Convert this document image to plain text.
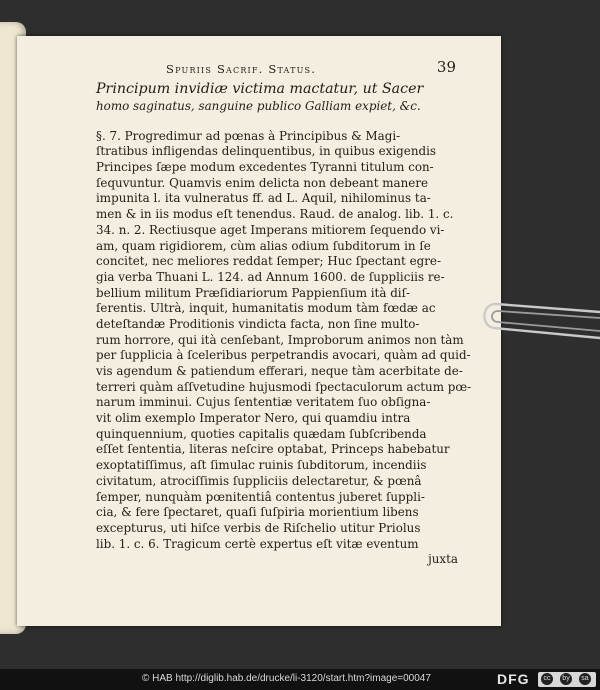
Spuriis Sacrif. Status.	39
Principum invidiæ victima mactatur, ut Sacer
homo saginatus, sanguine publico Galliam expiet, &c.
§. 7. Progredimur ad pœnas à Principibus & Magi-
ſtratibus infligendas delinquentibus, in quibus exigendis
Principes ſæpe modum excedentes Tyranni titulum con-
ſequvuntur. Quamvis enim delicta non debeant manere
impunita l. ita vulneratus ff. ad L. Aquil, nihilominus ta-
men & in iis modus eſt tenendus. Raud. de analog. lib. 1. c.
34. n. 2. Rectiusque aget Imperans mitiorem ſequendo vi-
am, quam rigidiorem, cùm alias odium ſubditorum in ſe
concitet, nec meliores reddat ſemper; Huc ſpectant egre-
gia verba Thuani L. 124. ad Annum 1600. de ſuppliciis re-
bellium militum Præſidiariorum Pappienſium ità diſ-
ſerentis. Ultrà, inquit, humanitatis modum tàm fœdæ ac
deteſtandæ Proditionis vindicta facta, non ſine multo-
rum horrore, qui ità cenſebant, Improborum animos non tàm
per ſupplicia à ſceleribus perpetrandis avocari, quàm ad quid-
vis agendum & patiendum efferari, neque tàm acerbitate de-
terreri quàm aſſvetudine hujusmodi ſpectaculorum actum pœ-
narum imminui. Cujus ſententiæ veritatem ſuo obſigna-
vit olim exemplo Imperator Nero, qui quamdiu intra
quinquennium, quoties capitalis quædam ſubſcribenda
eſſet ſententia, literas neſcire optabat, Princeps habebatur
exoptatiſſimus, aſt ſimulac ruinis ſubditorum, incendiis
civitatum, atrociſſimis ſuppliciis delectaretur, & pœnâ
ſemper, nunquàm pœnitentiâ contentus juberet ſuppli-
cia, & fere ſpectaret, quaſi ſuſpiria morientium libens
excepturus, uti hiſce verbis de Riſchelio utitur Priolus
lib. 1. c. 6. Tragicum certè expertus eſt vitæ eventum
juxta
© HAB http://diglib.hab.de/drucke/li-3120/start.htm?image=00047	DFG	cc	by	sa
